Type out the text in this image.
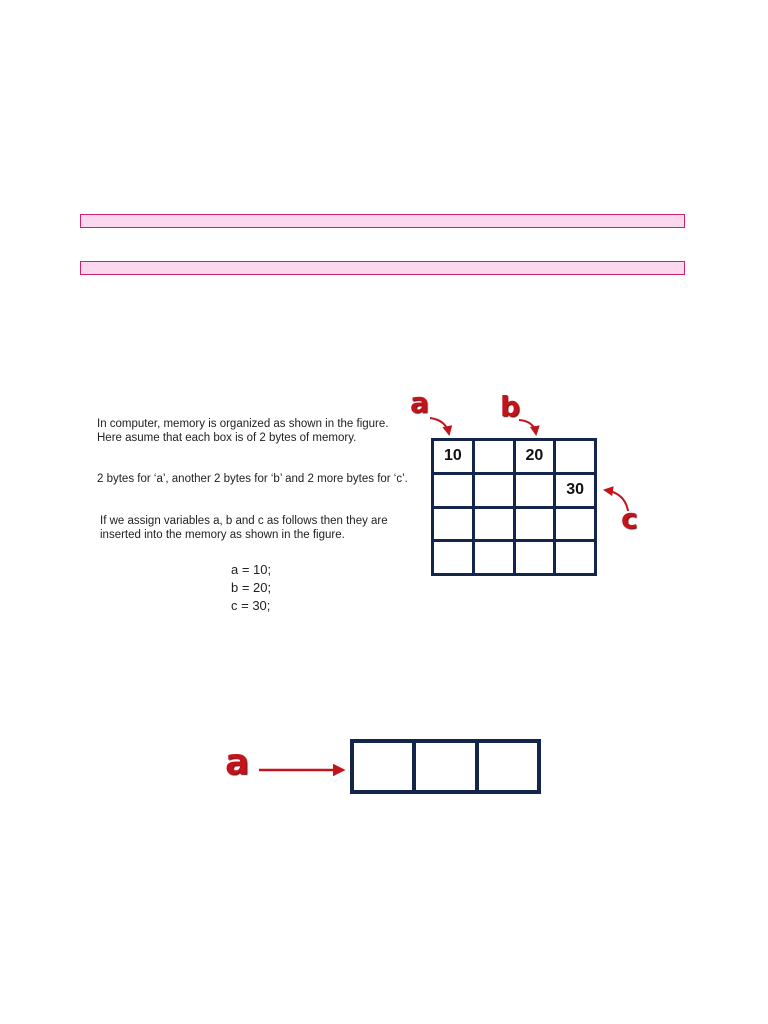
In computer, memory is organized as shown in the figure.
Here asume that each box is of 2 bytes of memory.
2 bytes for ‘a’, another 2 bytes for ‘b’ and 2 more bytes for ‘c’.
If we assign variables a, b and c as follows then they are
inserted into the memory as shown in the figure.
a = 10;
b = 20;
c = 30;
a	b
c
10		20	
			30

a
